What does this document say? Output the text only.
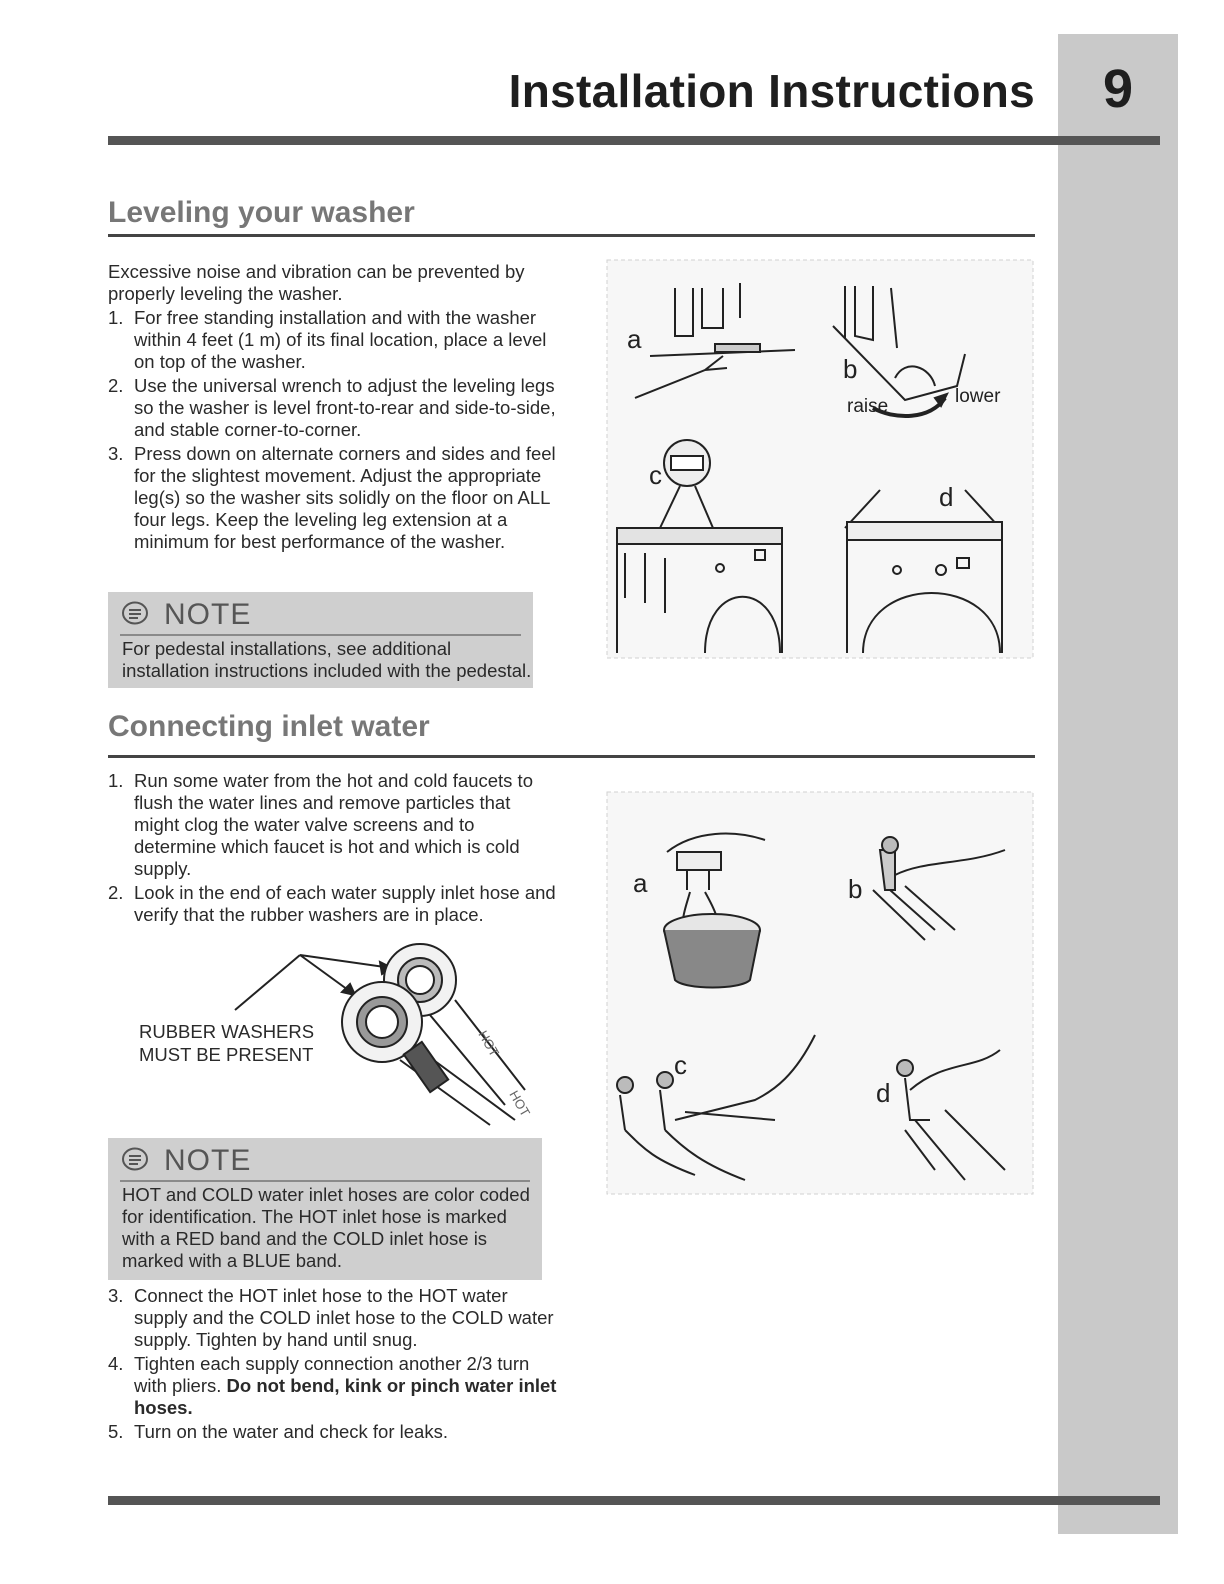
9
Installation Instructions
Leveling your washer
Excessive noise and vibration can be prevented by properly leveling the washer.
1. For free standing installation and with the washer within 4 feet (1 m) of its final location, place a level on top of the washer.
2. Use the universal wrench to adjust the leveling legs so the washer is level front-to-rear and side-to-side, and stable corner-to-corner.
3. Press down on alternate corners and sides and feel for the slightest movement. Adjust the appropriate leg(s) so the washer sits solidly on the floor on ALL four legs. Keep the leveling leg extension at a minimum for best performance of the washer.
NOTE
For pedestal installations, see additional installation instructions included with the pedestal.
a
b
raise	lower
c
d
Connecting inlet water
1. Run some water from the hot and cold faucets to flush the water lines and remove particles that might clog the water valve screens and to determine which faucet is hot and which is cold supply.
2. Look in the end of each water supply inlet hose and verify that the rubber washers are in place.
HOT
HOT
RUBBER WASHERS
MUST BE PRESENT
NOTE
HOT and COLD water inlet hoses are color coded for identification. The HOT inlet hose is marked with a RED band and the COLD inlet hose is marked with a BLUE band.
3. Connect the HOT inlet hose to the HOT water supply and the COLD inlet hose to the COLD water supply. Tighten by hand until snug.
4. Tighten each supply connection another 2/3 turn with pliers. Do not bend, kink or pinch water inlet hoses.
5. Turn on the water and check for leaks.
a	b
c
d
